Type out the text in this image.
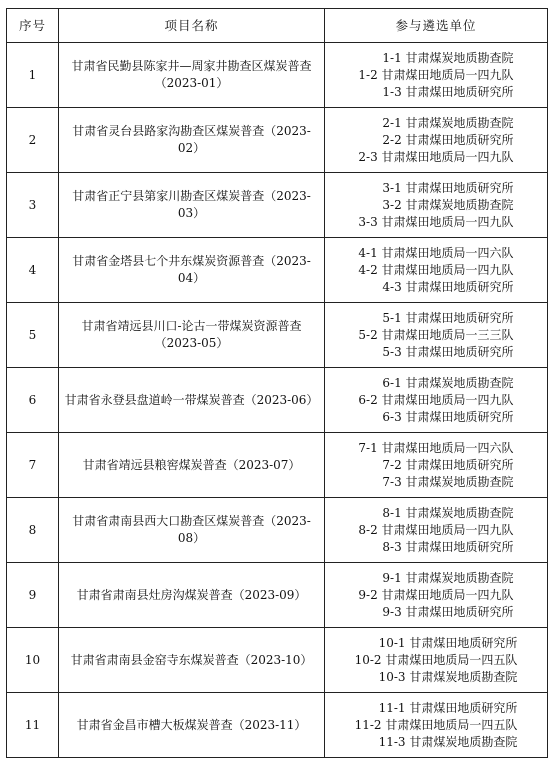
序号	项目名称	参与遴选单位
1	甘肃省民勤县陈家井—周家井勘查区煤炭普查（2023-01）	1-1 甘肃煤炭地质勘查院
1-2 甘肃煤田地质局一四九队
1-3 甘肃煤田地质研究所

2	甘肃省灵台县路家沟勘查区煤炭普查（2023-02）	2-1 甘肃煤炭地质勘查院
2-2 甘肃煤田地质研究所
2-3 甘肃煤田地质局一四九队

3	甘肃省正宁县第家川勘查区煤炭普查（2023-03）	3-1 甘肃煤田地质研究所
3-2 甘肃煤炭地质勘查院
3-3 甘肃煤田地质局一四九队

4	甘肃省金塔县七个井东煤炭资源普查（2023-04）	4-1 甘肃煤田地质局一四六队
4-2 甘肃煤田地质局一四九队
4-3 甘肃煤田地质研究所

5	甘肃省靖远县川口-论古一带煤炭资源普查（2023-05）	5-1 甘肃煤田地质研究所
5-2 甘肃煤田地质局一三三队
5-3 甘肃煤田地质研究所

6	甘肃省永登县盘道岭一带煤炭普查（2023-06）	6-1 甘肃煤炭地质勘查院
6-2 甘肃煤田地质局一四九队
6-3 甘肃煤田地质研究所

7	甘肃省靖远县粮窖煤炭普查（2023-07）	7-1 甘肃煤田地质局一四六队
7-2 甘肃煤田地质研究所
7-3 甘肃煤炭地质勘查院

8	甘肃省肃南县西大口勘查区煤炭普查（2023-08）	8-1 甘肃煤炭地质勘查院
8-2 甘肃煤田地质局一四九队
8-3 甘肃煤田地质研究所

9	甘肃省肃南县灶房沟煤炭普查（2023-09）	9-1 甘肃煤炭地质勘查院
9-2 甘肃煤田地质局一四九队
9-3 甘肃煤田地质研究所

10	甘肃省肃南县金窑寺东煤炭普查（2023-10）	10-1 甘肃煤田地质研究所
10-2 甘肃煤田地质局一四五队
10-3 甘肃煤炭地质勘查院

11	甘肃省金昌市槽大板煤炭普查（2023-11）	11-1 甘肃煤田地质研究所
11-2 甘肃煤田地质局一四五队
11-3 甘肃煤炭地质勘查院
